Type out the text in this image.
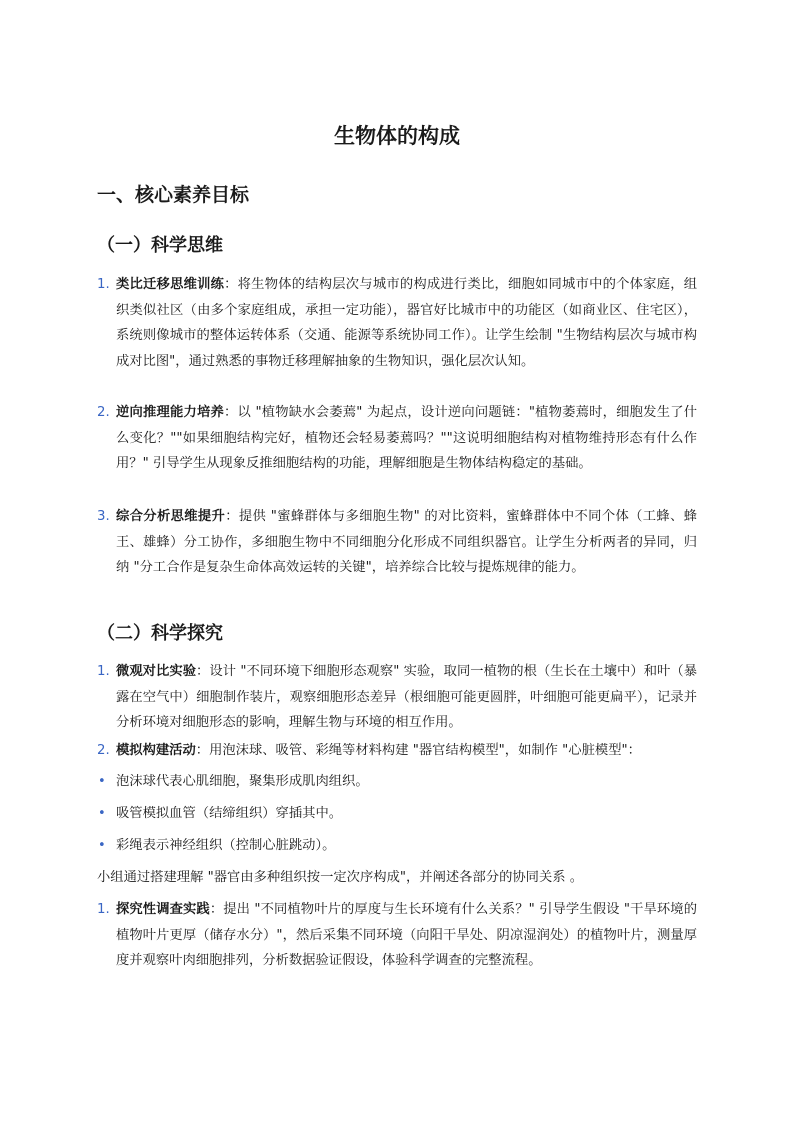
生物体的构成
一、核心素养目标
（一）科学思维

1. 类比迁移思维训练：将生物体的结构层次与城市的构成进行类比，细胞如同城市中的个体家庭，组织类似社区（由多个家庭组成，承担一定功能），器官好比城市中的功能区（如商业区、住宅区），系统则像城市的整体运转体系（交通、能源等系统协同工作）。让学生绘制 "生物结构层次与城市构成对比图"，通过熟悉的事物迁移理解抽象的生物知识，强化层次认知。

2. 逆向推理能力培养：以 "植物缺水会萎蔫" 为起点，设计逆向问题链："植物萎蔫时，细胞发生了什么变化？""如果细胞结构完好，植物还会轻易萎蔫吗？""这说明细胞结构对植物维持形态有什么作用？" 引导学生从现象反推细胞结构的功能，理解细胞是生物体结构稳定的基础。

3. 综合分析思维提升：提供 "蜜蜂群体与多细胞生物" 的对比资料，蜜蜂群体中不同个体（工蜂、蜂王、雄蜂）分工协作，多细胞生物中不同细胞分化形成不同组织器官。让学生分析两者的异同，归纳 "分工合作是复杂生命体高效运转的关键"，培养综合比较与提炼规律的能力。

（二）科学探究

1. 微观对比实验：设计 "不同环境下细胞形态观察" 实验，取同一植物的根（生长在土壤中）和叶（暴露在空气中）细胞制作装片，观察细胞形态差异（根细胞可能更圆胖，叶细胞可能更扁平），记录并分析环境对细胞形态的影响，理解生物与环境的相互作用。

2. 模拟构建活动：用泡沫球、吸管、彩绳等材料构建 "器官结构模型"，如制作 "心脏模型"：

• 泡沫球代表心肌细胞，聚集形成肌肉组织。

• 吸管模拟血管（结缔组织）穿插其中。

• 彩绳表示神经组织（控制心脏跳动）。

小组通过搭建理解 "器官由多种组织按一定次序构成"，并阐述各部分的协同关系 。

1. 探究性调查实践：提出 "不同植物叶片的厚度与生长环境有什么关系？" 引导学生假设 "干旱环境的植物叶片更厚（储存水分）"，然后采集不同环境（向阳干旱处、阴凉湿润处）的植物叶片，测量厚度并观察叶肉细胞排列，分析数据验证假设，体验科学调查的完整流程。
